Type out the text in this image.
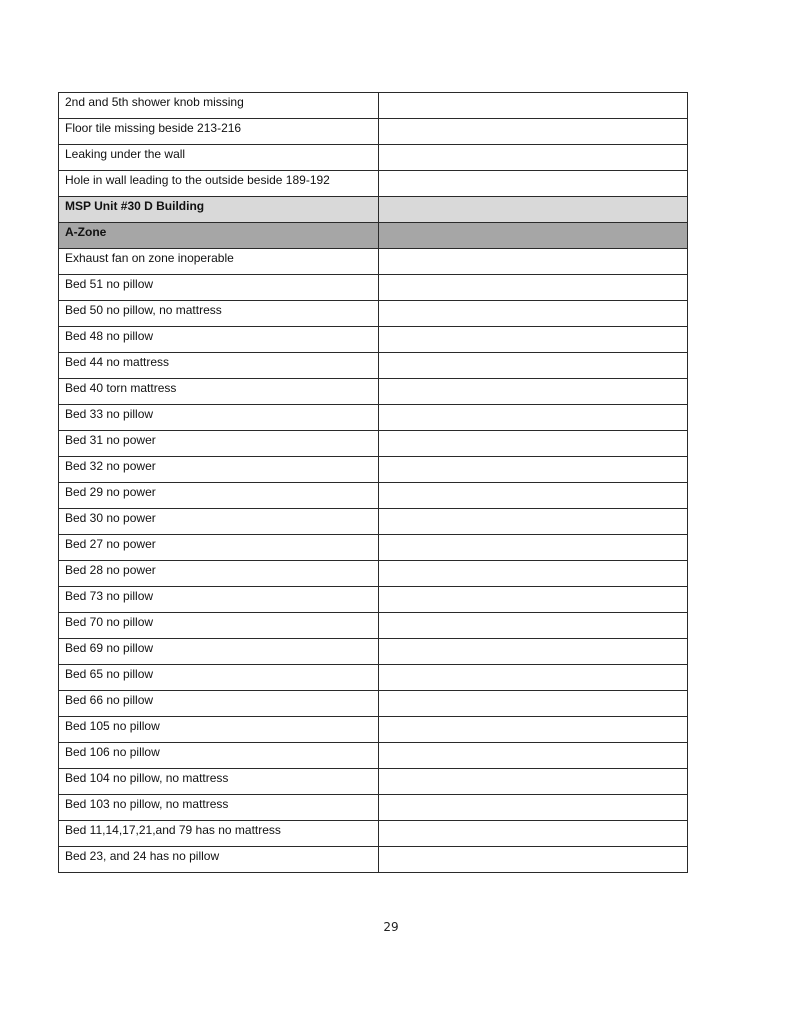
2nd and 5th shower knob missing	
Floor tile missing beside 213-216	
Leaking under the wall	
Hole in wall leading to the outside beside 189-192	
MSP Unit #30 D Building	
A-Zone	
Exhaust fan on zone inoperable	
Bed 51 no pillow	
Bed 50 no pillow, no mattress	
Bed 48 no pillow	
Bed 44 no mattress	
Bed 40 torn mattress	
Bed 33 no pillow	
Bed 31 no power	
Bed 32 no power	
Bed 29 no power	
Bed 30 no power	
Bed 27 no power	
Bed 28 no power	
Bed 73 no pillow	
Bed 70 no pillow	
Bed 69 no pillow	
Bed 65 no pillow	
Bed 66 no pillow	
Bed 105 no pillow	
Bed 106 no pillow	
Bed 104 no pillow, no mattress	
Bed 103 no pillow, no mattress	
Bed 11,14,17,21,and 79 has no mattress	
Bed 23, and 24 has no pillow	
29
